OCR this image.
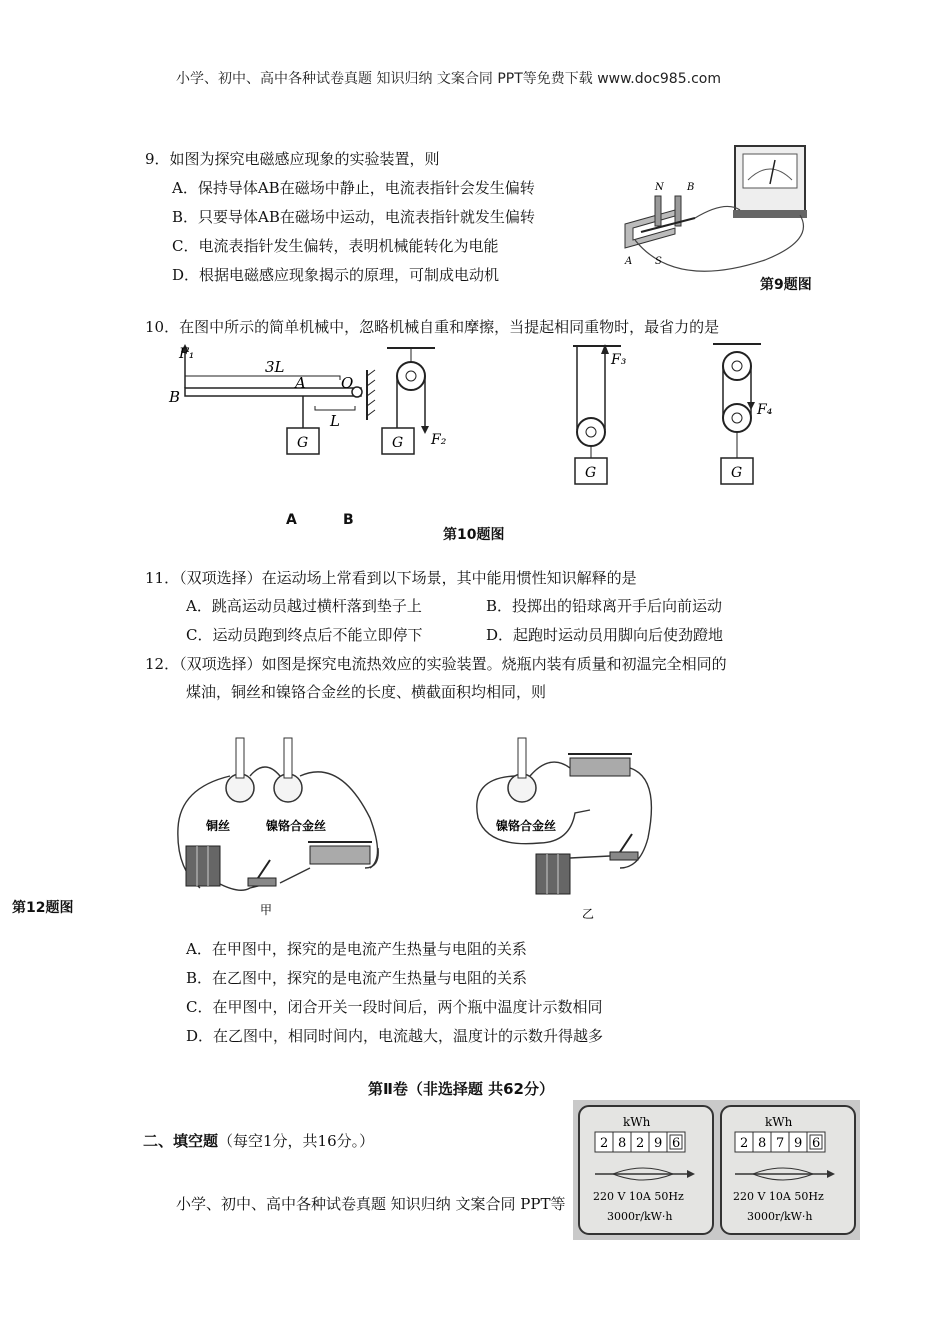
小学、初中、高中各种试卷真题 知识归纳 文案合同 PPT等免费下载 www.doc985.com
9．如图为探究电磁感应现象的实验装置，则
A．保持导体AB在磁场中静止，电流表指针会发生偏转
B．只要导体AB在磁场中运动，电流表指针就发生偏转
C．电流表指针发生偏转，表明机械能转化为电能
D．根据电磁感应现象揭示的原理，可制成电动机
N B
A S
第9题图
10．在图中所示的简单机械中，忽略机械自重和摩擦，当提起相同重物时，最省力的是
F₁
3L
B
A O
L
G	F₂
G
F₃
G
F₄
G
A	B
第10题图
11．（双项选择）在运动场上常看到以下场景，其中能用惯性知识解释的是
A．跳高运动员越过横杆落到垫子上	B．投掷出的铅球离开手后向前运动
C．运动员跑到终点后不能立即停下	D．起跑时运动员用脚向后使劲蹬地
12．（双项选择）如图是探究电流热效应的实验装置。烧瓶内装有质量和初温完全相同的
煤油，铜丝和镍铬合金丝的长度、横截面积均相同，则
铜丝	镍铬合金丝
甲
镍铬合金丝
乙
第12题图
A．在甲图中，探究的是电流产生热量与电阻的关系
B．在乙图中，探究的是电流产生热量与电阻的关系
C．在甲图中，闭合开关一段时间后，两个瓶中温度计示数相同
D．在乙图中，相同时间内，电流越大，温度计的示数升得越多
第Ⅱ卷（非选择题 共62分）
二、填空题（每空1分，共16分。）
小学、初中、高中各种试卷真题 知识归纳 文案合同 PPT等
kWh
2 8 2 9 6
220 V 10A 50Hz
3000r/kW·h
kWh
2 8 7 9 6
220 V 10A 50Hz
3000r/kW·h
